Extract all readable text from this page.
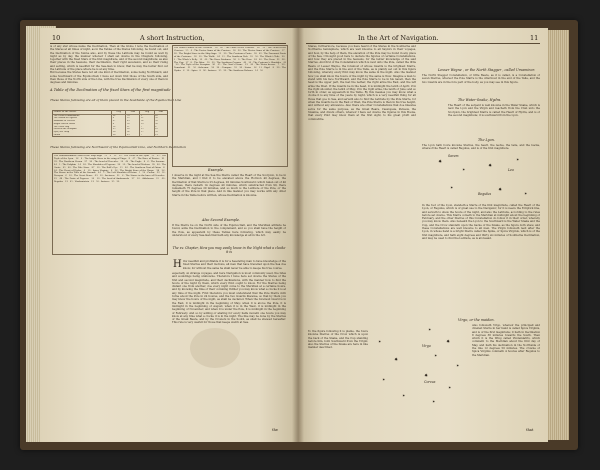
10	A short Instruction,

is of any star whose name the Declination, Then at the Globe I note the Declination of the Stares at all times of night, as in the Tables of the Stares following, be found out, and the Declination of the Sunne also, and by these the Latitude may be found as well by night as by day, the manner whereof I shall set downe in the Chapters following, together with the fixed Stars of the first magnitude, and of the second magnitude; as also their places in the heavens, their declination, their right ascension, and so their rising and setting, which is needfull for the Sea-man to know, that he may the better find out the Latitude of the place where he is at any time.

But because the Stares have not all one kind of Declination, some being Northward, and some Southward of the Equinoctiall, I have set down first those of the South side, and then those of the North side of the Line, with the true Declination of every one of them in degrees and minutes.

A Table of the Declination of the fixed Stars of the first magnitude
These Stares following are all of them placed in the Southside of the Equinoctiall Line
Names of the Stares	Deg	Min	Deg	Min
The Head of Andromeda	24	59	1	40
The Mouth of Pegasus	8	35	11	50
Shinbone of Perseus	47	43	36	50
Bright Foot of Orion	8	30	12	30
The Great Dog	16	11	7	6
Heart of the Scorpion	25	20	15	10
Lyra, the Harp	38	36	17	50
Pollux	28	43	7	14
These Stares following are Northward of the Equinoctiall Line, and Northern Declination

The Southwardmost Staff of the Ship Argo   51   6   12   22 · The Heart of the Lyon   13   45 · The Tayle of the Lyon   16   4 · The bright Stare in the wing of Virgo   8   47 · The Knee of Bootes   21   33 · The Northern Crown   27   36 · The head of Hercules   14   49 · The Eagle   8   6 · The Swanne   44   5 · The Dolphin   14   18 · The Shoulder of Pegasus   26   10 · The head of Medusa   39   40 · The Goate   45   40 · The Pole Stare   87   10 · The Bull's Eye   15   40 · The Southern Foot of Orion   8   24 · The Heart of Hydra   6   10 · Spica Virginis   8   36 · The Bright Stare of the Harpe   38   36 · The Starre in the Taile of the Swanne   44   5 · The Left Shoulder of Orion   5   59 · Castor   32   54 · Procyon   6   10 · The Great Beare   63   10 · Arcturus   21   6 · The Starre in the knee of Hercules   21   48 · The Foote of Pegasus   14   10 · The head of Andromeda   27   10 · Aldebaran   15   40 · Regulus   13   45 · Vindemiatrix   12   50 · Antares   25   30

The South Pointer of the Crosiers   58   40 · The Foote of the Crosiers   60   12 · The Head of the Crosiers   55   4 · The Easter Arme of the Crosiers   58   30 · The Wester Arme of the Crosiers   57   20 · The Bright Stare in the Ship Argo   51   30 · The Centaures Foote   58   42 · The Foremost Foote of the Centaure   58   10 · The Wolfe   44   15 · The Southern Fish   31   50 · The Whale's Taile   20   1 · The Whale's Belly   12   40 · The River Eridanus   58   0 · The Hare   18   40 · The Crow   21   38 · The Cup   17   8 · The Altar   50   30 · The Southern Crowne   40   10 · The Centaure's Shoulder   41   20 · The Tayle of the Scorpion   36   45 · The Goat's Horne   13   40 · The Water bearer   7   20 · Fomahant   31   50 · Achernar   58   34 · Canopus   52   30 · Sirius   16   11 · Rigel   8   30 · The Hydra   6   10 · Spica   8   36 · Antares   25   20 · The Southern Balance   14   50

Example.

I observe in the night at the Sea the Starre called the Heart of the Scorpion, to be in the Meridian, and I find it to be elevated above the Horizon 40 degrees, the Declination of that Starre is 25 degrees, 20 minutes Southward; which taken out of 40 degrees, there resteth 14 degrees 40 minutes, which substracted from 90, there remaineth 75 degrees 20 minutes, and so much is the Latitude of the Pole, or the height of the Pole in that place. And in like manner you may worke with any other Starre in the Table before written, whose Declination is knowne.

Also Second Example.

If the Starre be on the North side of the Equinoctiall, and the Meridian altitude be found, adde the Declination to the complement, and so you shall have the height of the Pole, as appeareth by these Tables here following, which may easily be understood of every Sea-man that hath any knowledge at all in the Art.

The xv. Chapter, How you may easily know in the Night what a clocke it is
H Ow needfull and profitable it is for a Sea-faring man to have knowledge of the fixed Starres and their motions, all men that have travelled upon the Sea doe know; for without the same he shall never be able to keepe his true course.

especially on strange voyages, and here Navigation is most commonly used, the tides and soundings being unknowne. Therefore I have here set downe the Stares of the first and second magnitude, and their declinations, with the manner how to find the houre of the night by them, which every Pilot ought to know. For the Starres being distant one from another, doe every night come to the Meridian at a certaine houre, and by knowing the time of their comming thither you may know what a clocke it is at any time of the night. First therefore you must understand that the Pole Starre doth turne about the Pole in 24 houres, and the two Guards likewise, so that by them you may know the houre of the night, as shall be declared. When the foremost Guard is in the East, it is midnight in the beginning of May; when it is above the Pole, it is midnight in the beginning of August; when it is in the West, it is midnight in the beginning of November; and when it is under the Pole, it is midnight in the beginning of February. And so by adding or abating for every halfe moneth one houre you may know at any time what a clocke it is in the night. The like may be done by the Starres of the Great Beare, and by the Crosiers in the South, as shall be shewed hereafter. This rule is very usefull for those that keepe watch at Sea.

the
In the Art of Navigation.	11

Stares, furthermore, because you have heard of the Stares in the Southerne and Northerne hemisphere, which are well knowne to all Saylors in their voyages, and how, by the help of them, the elevation of the Pole may be found in any place of the Sea, I thought good here to declare the figures of certaine Constellations, and how they are placed in the heavens, for the better knowledge of the said Starres. And first of the Constellation which is next unto the Pole, called the little Beare or Lesser Wayne, the foremost of whose Guards is the brightest Starre, and the Pole Starre is in the end of the Taile, as is plainly set out in this figure following, whereby every Pilot may know the same in the night. Also the manner how you shall know the houre of the night by the same is thus: Imagine a man to stand with his face Northward, and the Pole Starre to be in his navell, then the head is the upper part, the feet the nether, the right arme the East, and the left arme the West. If the Guards be in the head, it is midnight the tenth of April; if in the right shoulder, the tenth of May; if in the right arme, the tenth of June; and so forth in order, as appeareth in the Table. By this meanes you may know what a clocke it is any time of the yeare by night, which is a very needfull thing for all those that goe to Sea, and serveth also to find the Latitude by the Pole Starre, for when the Guards be in the East or West, the Pole Starre is then in his true height, and without any allowance. Also there are other Constellations that doe likewise serve for the same purpose, as the Great Beare, Cassiopeia, Perseus, the Swanne, and divers others, whereof I have set downe the figures in this Booke, that every Pilot may know them at the first sight, to his great profit and commoditie.

Lesser Wayne , or the North Stagger , called Ursaminor.

The North Stagger Constellation, or little Beare, as it is called, is a Constellation of seven Starres, whereof the Pole Starre is the uttermost in the end of the Taile, and the two Guards are in the fore part of the body, as you may see in this figure.

The Water-Snake, Hydra.

The Heart of the serpent is well knowne in the Water Snake, which is next the Lyon and the Virgin and reacheth from the Crab unto the Scorpion, the brightest Starre is called the Heart of Hydra, and is of the second magnitude; it is southward from the Lyon.

The Lyon.

The Lyon hath foure knowne Starres, the heart, the necke, the taile, and the backe, whereof the Heart is called Regulus, and is of the first magnitude.

✷
✶
✷
✶
✶	✷
✶
Sarem
Leo
Regulus

In the foot of the Lyon, standeth a Starre of the first magnitude, called the Heart of the Lyon, or Regulus, which is of great use to the Navigator, for it is neere the Ecliptick line, and serveth to shew the houre of the night, and also the Latitude, according to the rules before set downe. This Starre cometh to the Meridian at midnight about the beginning of February, and the other Starres of this Constellation do follow it in their order, whereby you may know them. Also beneath the Lyon to the Southward is the Water Snake and the Cup, and the Crow standeth upon the backe of the Snake, as the figure doth shew, and these Constellations are well knowne to all men. The Virgin followeth next after the Lyon, in whose hand is a bright Starre called the Spike, or Spica Virginis, which is of the first magnitude, and hath eight degrees and thirty six minutes of Southerne Declination, and may be used to find the Latitude, as is aforesaid.

Virgo, or the maiden.

Also followeth Virgo, whereof the principall and chiefest Starre in her hand is called Spica Virginis, and is of the first magnitude; it hath in Declination 8 degrees 36 minutes towards the South. Then which it is the Wing called Vindemiatrix, which commeth to the Meridian about the first day of May, and hath his declination in the Northside of the line 12 degrees 50 minutes. The crowne of Spica Virginis commeth 4 houres after Regulus to the Meridian.

✶
✷
✶
✶
✷
✶
✶
Virgo
Corvus

To the figure following it is plaine, the foure knowne Starres of the Crow which is upon the back of the Snake, and the Cup standing before him, both Southward from the Virgin; also the Starres of the Snake are here in like manner described.

✶
✷
✶
✶
that
